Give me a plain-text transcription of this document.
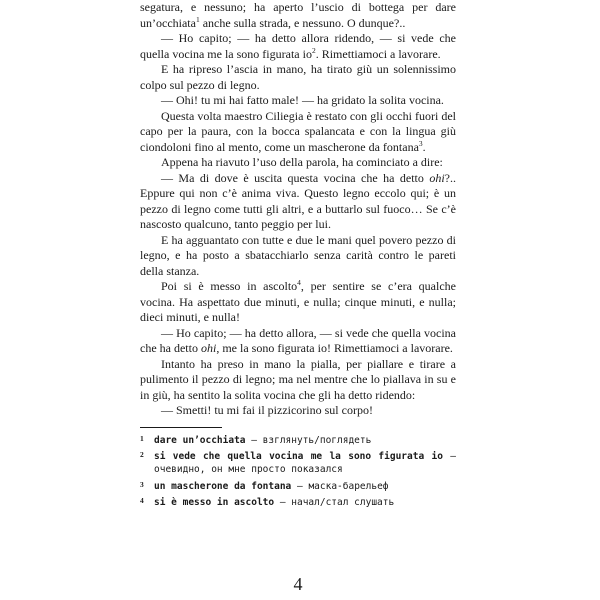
segatura, e nessuno; ha aperto l’uscio di bottega per dare un’occhiata$^1$ anche sulla strada, e nessuno. O dunque?..

— Ho capito; — ha detto allora ridendo, — si vede che quella vocina me la sono figurata $io^2$. Rimettiamoci a lavorare.

E ha ripreso l’ascia in mano, ha tirato giù un solennissimo colpo sul pezzo di legno.

— Ohi! tu mi hai fatto male! — ha gridato la solita vocina.

Questa volta maestro Ciliegia è restato con gli occhi fuori del capo per la paura, con la bocca spalancata e con la lingua giù ciondoloni fino al mento, come un mascherone da fontana$^3$.

Appena ha riavuto l’uso della parola, ha cominciato a dire:

— Ma di dove è uscita questa vocina che ha detto ohi?.. Eppure qui non c’è anima viva. Questo legno eccolo qui; è un pezzo di legno come tutti gli altri, e a buttarlo sul fuoco… Se c’è nascosto qualcuno, tanto peggio per lui.

E ha agguantato con tutte e due le mani quel povero pezzo di legno, e ha posto a sbatacchiarlo senza carità contro le pareti della stanza.

Poi si è messo in ascolto$^4$, per sentire se c’era qualche vocina. Ha aspettato due minuti, e nulla; cinque minuti, e nulla; dieci minuti, e nulla!

— Ho capito; — ha detto allora, — si vede che quella vocina che ha detto ohi, me la sono figurata io! Rimettiamoci a lavorare.

Intanto ha preso in mano la pialla, per piallare e tirare a pulimento il pezzo di legno; ma nel mentre che lo piallava in su e in giù, ha sentito la solita vocina che gli ha detto ridendo:

— Smetti! tu mi fai il pizzicorino sul corpo!

1 dare un’occhiata — взглянуть/поглядеть
2 si vede che quella vocina me la sono figurata io — очевидно, он мне просто показался
3 un mascherone da fontana — маска-барельеф
4 si è messo in ascolto — начал/стал слушать
4
